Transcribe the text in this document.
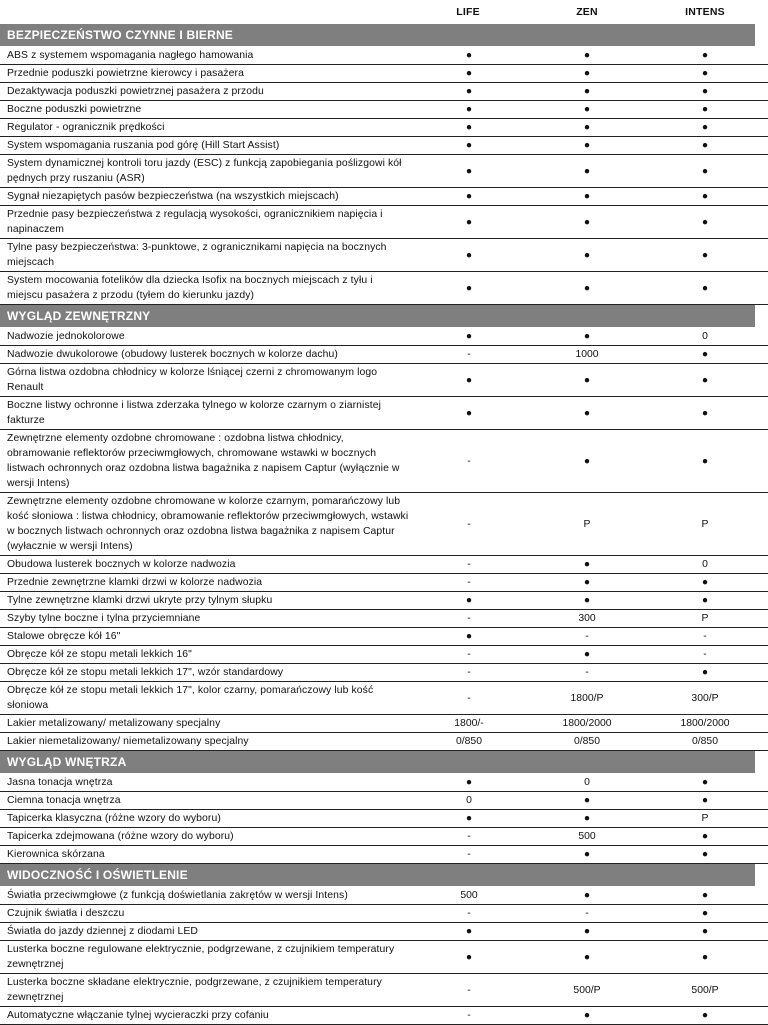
LIFE	ZEN	INTENS
BEZPIECZEŃSTWO CZYNNE I BIERNE
ABS z systemem wspomagania nagłego hamowania	●	●	●
Przednie poduszki powietrzne kierowcy i pasażera	●	●	●
Dezaktywacja poduszki powietrznej pasażera z przodu	●	●	●
Boczne poduszki powietrzne	●	●	●
Regulator - ogranicznik prędkości	●	●	●
System wspomagania ruszania pod górę (Hill Start Assist)	●	●	●
System dynamicznej kontroli toru jazdy (ESC) z funkcją zapobiegania poślizgowi kół pędnych przy ruszaniu (ASR)
●	●	●
Sygnał niezapiętych pasów bezpieczeństwa (na wszystkich miejscach)	●	●	●
Przednie pasy bezpieczeństwa z regulacją wysokości, ogranicznikiem napięcia i napinaczem
●	●	●
Tylne pasy bezpieczeństwa: 3-punktowe, z ogranicznikami napięcia na bocznych miejscach
●	●	●
System mocowania fotelików dla dziecka Isofix na bocznych miejscach z tyłu i miejscu pasażera z przodu (tyłem do kierunku jazdy)
●	●	●
WYGLĄD ZEWNĘTRZNY
Nadwozie jednokolorowe	●	●	0
Nadwozie dwukolorowe (obudowy lusterek bocznych w kolorze dachu)	-	1000	●
Górna listwa ozdobna chłodnicy w kolorze lśniącej czerni z chromowanym logo Renault
●	●	●
Boczne listwy ochronne i listwa zderzaka tylnego w kolorze czarnym o ziarnistej fakturze
●	●	●
Zewnętrzne elementy ozdobne chromowane : ozdobna listwa chłodnicy, obramowanie reflektorów przeciwmgłowych, chromowane wstawki w bocznych listwach ochronnych oraz ozdobna listwa bagażnika z napisem Captur (wyłącznie w wersji Intens)
-	●	●
Zewnętrzne elementy ozdobne chromowane w kolorze czarnym, pomarańczowy lub kość słoniowa : listwa chłodnicy, obramowanie reflektorów przeciwmgłowych, wstawki w bocznych listwach ochronnych oraz ozdobna listwa bagażnika z napisem Captur (wyłacznie w wersji Intens)
-	P	P
Obudowa lusterek bocznych w kolorze nadwozia	-	●	0
Przednie zewnętrzne klamki drzwi w kolorze nadwozia	-	●	●
Tylne zewnętrzne klamki drzwi ukryte przy tylnym słupku	●	●	●
Szyby tylne boczne i tylna przyciemniane	-	300	P
Stalowe obręcze kół 16"	●	-	-
Obręcze kół ze stopu metali lekkich 16"	-	●	-
Obręcze kół ze stopu metali lekkich 17", wzór standardowy	-	-	●
Obręcze kół ze stopu metali lekkich 17", kolor czarny, pomarańczowy lub kość słoniowa
-	1800/P	300/P
Lakier metalizowany/ metalizowany specjalny	1800/-	1800/2000	1800/2000
Lakier niemetalizowany/ niemetalizowany specjalny	0/850	0/850	0/850
WYGLĄD WNĘTRZA
Jasna tonacja wnętrza	●	0	●
Ciemna tonacja wnętrza	0	●	●
Tapicerka klasyczna (różne wzory do wyboru)	●	●	P
Tapicerka zdejmowana (różne wzory do wyboru)	-	500	●
Kierownica skórzana	-	●	●
WIDOCZNOŚĆ I OŚWIETLENIE
Światła przeciwmgłowe (z funkcją doświetlania zakrętów w wersji Intens)	500	●	●
Czujnik światła i deszczu	-	-	●
Światła do jazdy dziennej z diodami LED	●	●	●
Lusterka boczne regulowane elektrycznie, podgrzewane, z czujnikiem temperatury zewnętrznej
●	●	●
Lusterka boczne składane elektrycznie, podgrzewane, z czujnikiem temperatury zewnętrznej
-	500/P	500/P
Automatyczne włączanie tylnej wycieraczki przy cofaniu	-	●	●
